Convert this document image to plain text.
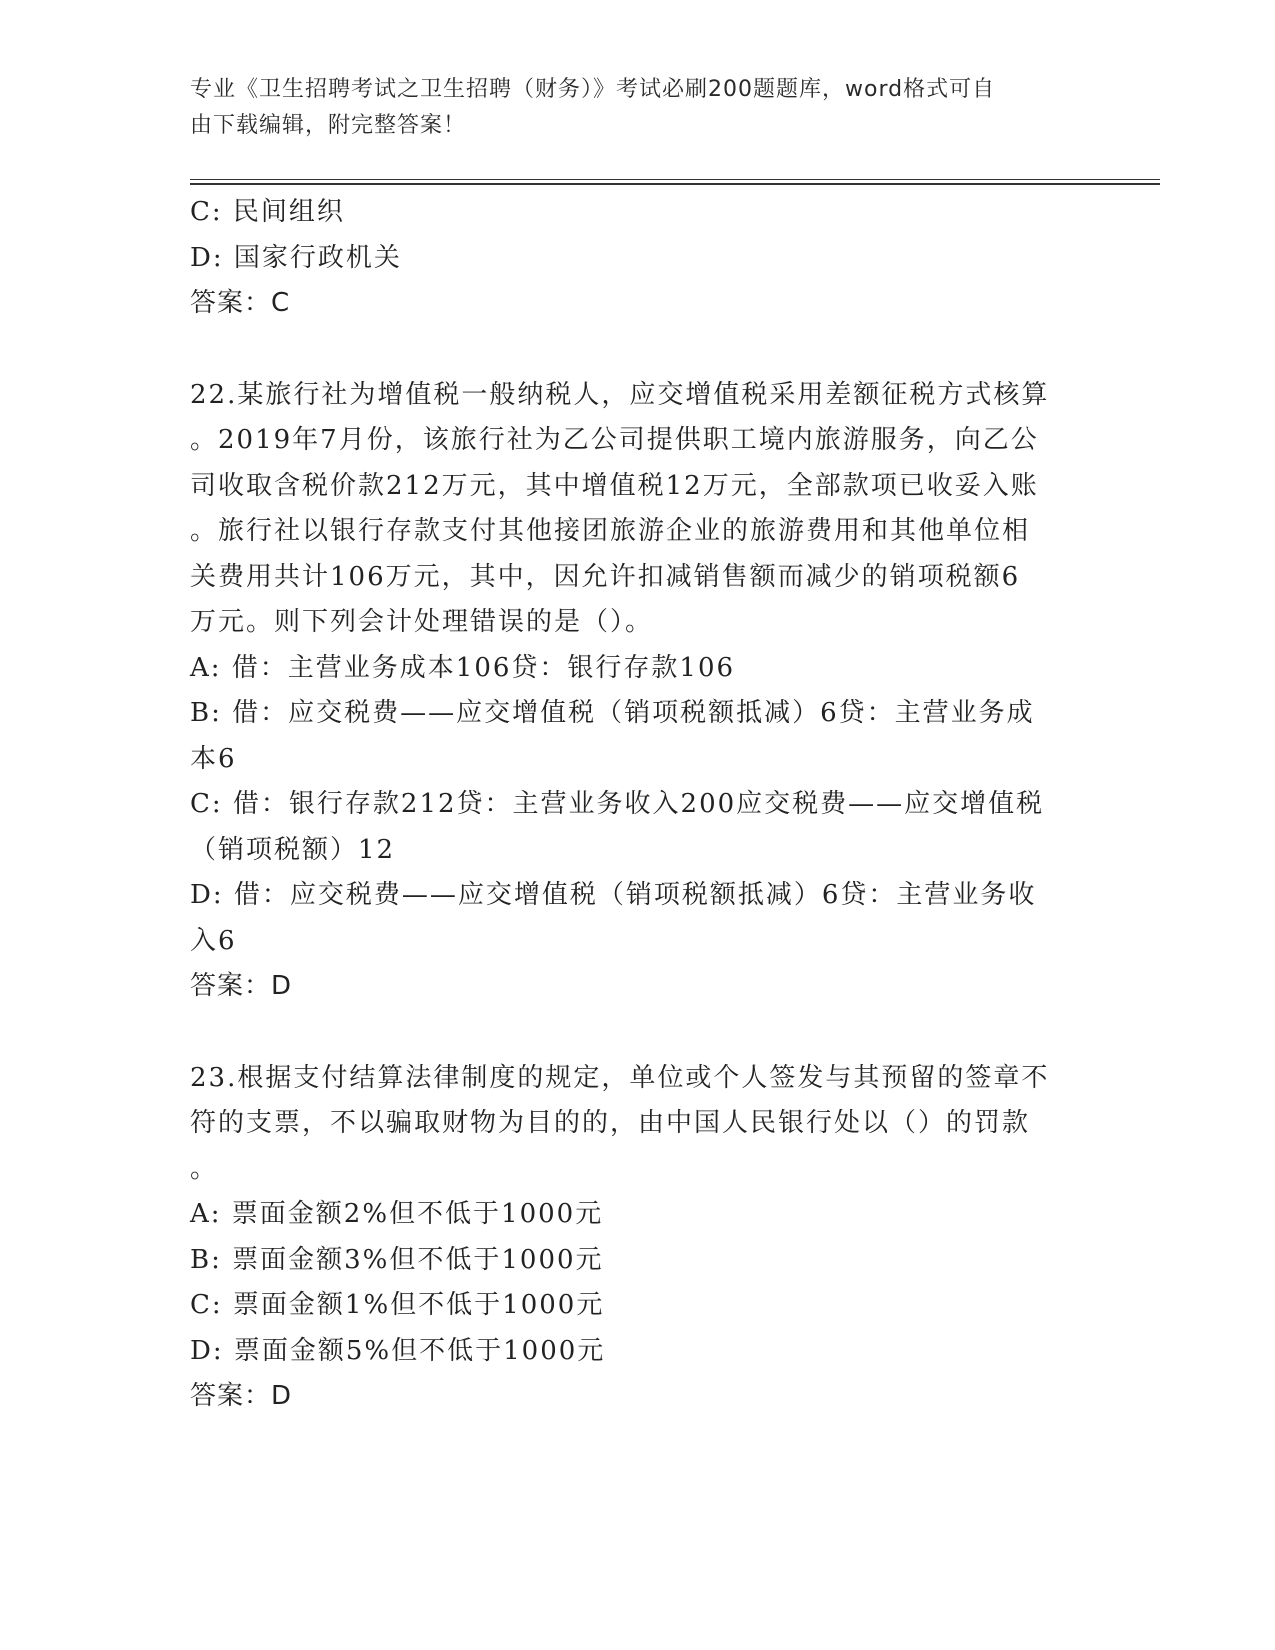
专业《卫生招聘考试之卫生招聘（财务）》考试必刷200题题库，word格式可自
由下载编辑，附完整答案！
C: 民间组织
D: 国家行政机关
答案：C
22.某旅行社为增值税一般纳税人，应交增值税采用差额征税方式核算
。2019年7月份，该旅行社为乙公司提供职工境内旅游服务，向乙公
司收取含税价款212万元，其中增值税12万元，全部款项已收妥入账
。旅行社以银行存款支付其他接团旅游企业的旅游费用和其他单位相
关费用共计106万元，其中，因允许扣减销售额而减少的销项税额6
万元。则下列会计处理错误的是（）。
A: 借：主营业务成本106贷：银行存款106
B: 借：应交税费——应交增值税（销项税额抵减）6贷：主营业务成
本6
C: 借：银行存款212贷：主营业务收入200应交税费——应交增值税
（销项税额）12
D: 借：应交税费——应交增值税（销项税额抵减）6贷：主营业务收
入6
答案：D
23.根据支付结算法律制度的规定，单位或个人签发与其预留的签章不
符的支票，不以骗取财物为目的的，由中国人民银行处以（）的罚款
。
A: 票面金额2%但不低于1000元
B: 票面金额3%但不低于1000元
C: 票面金额1%但不低于1000元
D: 票面金额5%但不低于1000元
答案：D
